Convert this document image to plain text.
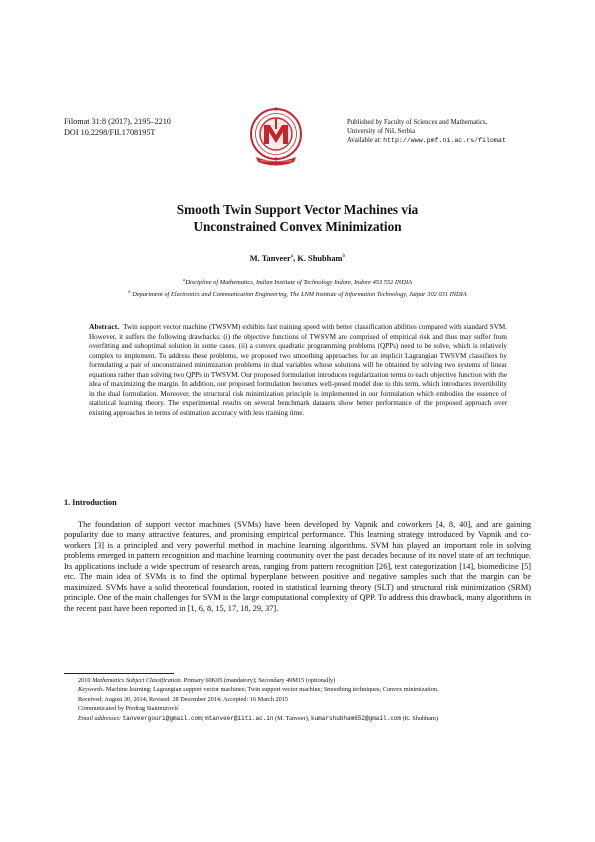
Filomat 31:8 (2017), 2195–2210
DOI 10.2298/FIL1708195T
Published by Faculty of Sciences and Mathematics,
University of Niš, Serbia
Available at: http://www.pmf.ni.ac.rs/filomat
Smooth Twin Support Vector Machines via
Unconstrained Convex Minimization
M. Tanveer$^a$, K. Shubham$^b$
$^a$Discipline of Mathematics, Indian Institute of Technology Indore, Indore 453 552 INDIA
$^b$ Department of Electronics and Communication Engineering, The LNM Institute of Information Technology, Jaipur 302 031 INDIA

Abstract. Twin support vector machine (TWSVM) exhibits fast training speed with better classification abilities compared with standard SVM. However, it suffers the following drawbacks: (i) the objective functions of TWSVM are comprised of empirical risk and thus may suffer from overfitting and suboptimal solution in some cases. (ii) a convex quadratic programming problems (QPPs) need to be solve, which is relatively complex to implement. To address these problems, we proposed two smoothing approaches for an implicit Lagrangian TWSVM classifiers by formulating a pair of unconstrained minimization problems in dual variables whose solutions will be obtained by solving two systems of linear equations rather than solving two QPPs in TWSVM. Our proposed formulation introduces regularization terms to each objective function with the idea of maximizing the margin. In addition, our proposed formulation becomes well-posed model due to this term, which introduces invertibility in the dual formulation. Moreover, the structural risk minimization principle is implemented in our formulation which embodies the essence of statistical learning theory. The experimental results on several benchmark datasets show better performance of the proposed approach over existing approaches in terms of estimation accuracy with less training time.

1. Introduction

The foundation of support vector machines (SVMs) have been developed by Vapnik and coworkers [4, 8, 40], and are gaining popularity due to many attractive features, and promising empirical performance. This learning strategy introduced by Vapnik and co-workers [3] is a principled and very powerful method in machine learning algorithms. SVM has played an important role in solving problems emerged in pattern recognition and machine learning community over the past decades because of its novel state of art technique. Its applications include a wide spectrum of research areas, ranging from pattern recognition [26], text categorization [14], biomedicine [5] etc. The main idea of SVMs is to find the optimal hyperplane between positive and negative samples such that the margin can be maximized. SVMs have a solid theoretical foundation, rooted in statistical learning theory (SLT) and structural risk minimization (SRM) principle. One of the main challenges for SVM is the large computational complexity of QPP. To address this drawback, many algorithms in the recent past have been reported in [1, 6, 8, 15, 17, 18, 29, 37].

2010 Mathematics Subject Classification. Primary 60K05 (mandatory); Secondary 49M15 (optionally)

Keywords. Machine learning; Lagrangian support vector machines; Twin support vector machine; Smoothing techniques; Convex minimization.

Received: August 30, 2014; Revised: 28 December 2014; Accepted: 16 March 2015

Communicated by Predrag Stanimirović

Email addresses: tanveergouri@gmail.com; mtanveer@iiti.ac.in (M. Tanveer), kumarshubham652@gmail.com (K. Shubham)
